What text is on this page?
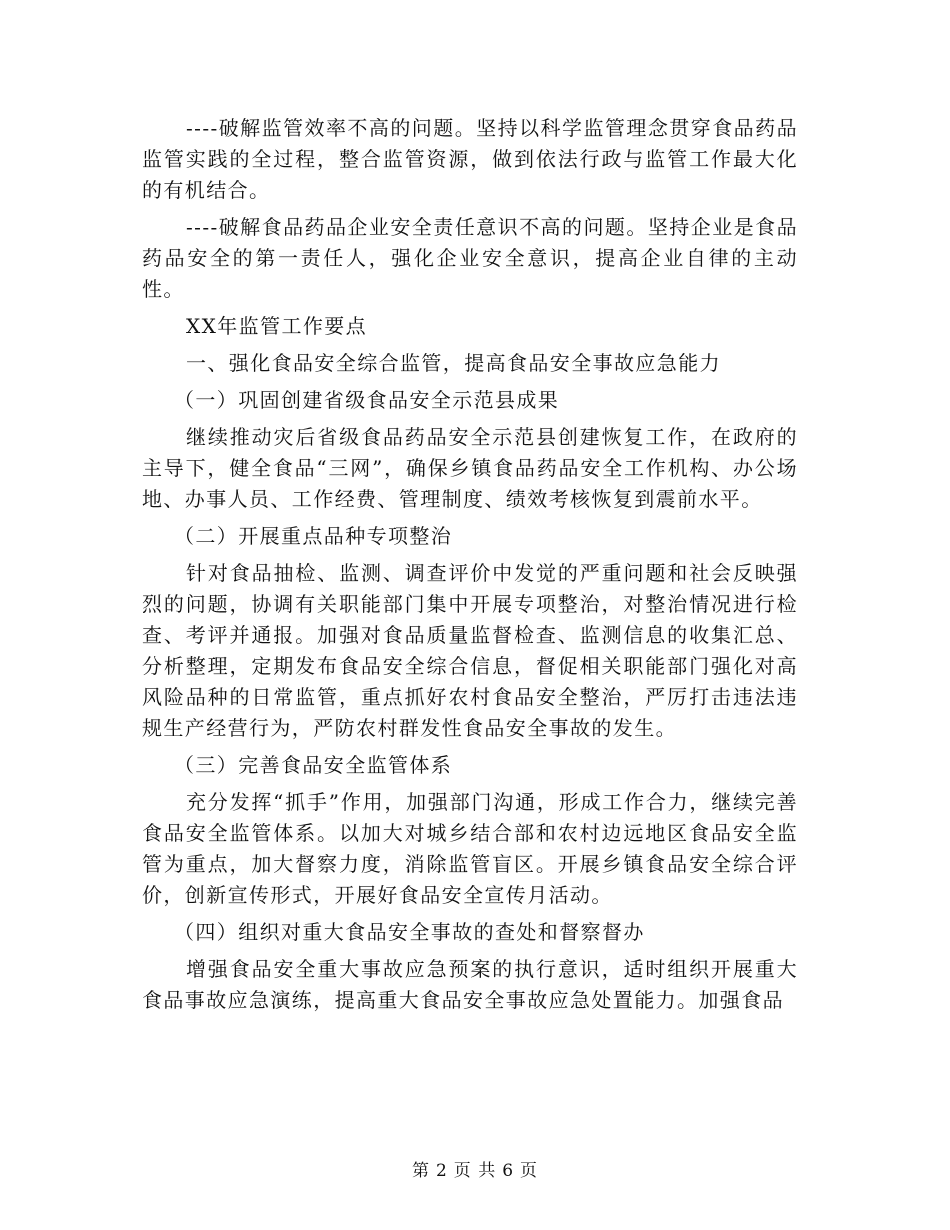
----破解监管效率不高的问题。坚持以科学监管理念贯穿食品药品监管实践的全过程，整合监管资源，做到依法行政与监管工作最大化的有机结合。

----破解食品药品企业安全责任意识不高的问题。坚持企业是食品药品安全的第一责任人，强化企业安全意识，提高企业自律的主动性。

XX年监管工作要点

一、强化食品安全综合监管，提高食品安全事故应急能力

（一）巩固创建省级食品安全示范县成果

继续推动灾后省级食品药品安全示范县创建恢复工作，在政府的主导下，健全食品“三网”，确保乡镇食品药品安全工作机构、办公场地、办事人员、工作经费、管理制度、绩效考核恢复到震前水平。

（二）开展重点品种专项整治

针对食品抽检、监测、调查评价中发觉的严重问题和社会反映强烈的问题，协调有关职能部门集中开展专项整治，对整治情况进行检查、考评并通报。加强对食品质量监督检查、监测信息的收集汇总、分析整理，定期发布食品安全综合信息，督促相关职能部门强化对高风险品种的日常监管，重点抓好农村食品安全整治，严厉打击违法违规生产经营行为，严防农村群发性食品安全事故的发生。

（三）完善食品安全监管体系

充分发挥“抓手”作用，加强部门沟通，形成工作合力，继续完善食品安全监管体系。以加大对城乡结合部和农村边远地区食品安全监管为重点，加大督察力度，消除监管盲区。开展乡镇食品安全综合评价，创新宣传形式，开展好食品安全宣传月活动。

（四）组织对重大食品安全事故的查处和督察督办

增强食品安全重大事故应急预案的执行意识，适时组织开展重大食品事故应急演练，提高重大食品安全事故应急处置能力。加强食品

第 2 页 共 6 页
